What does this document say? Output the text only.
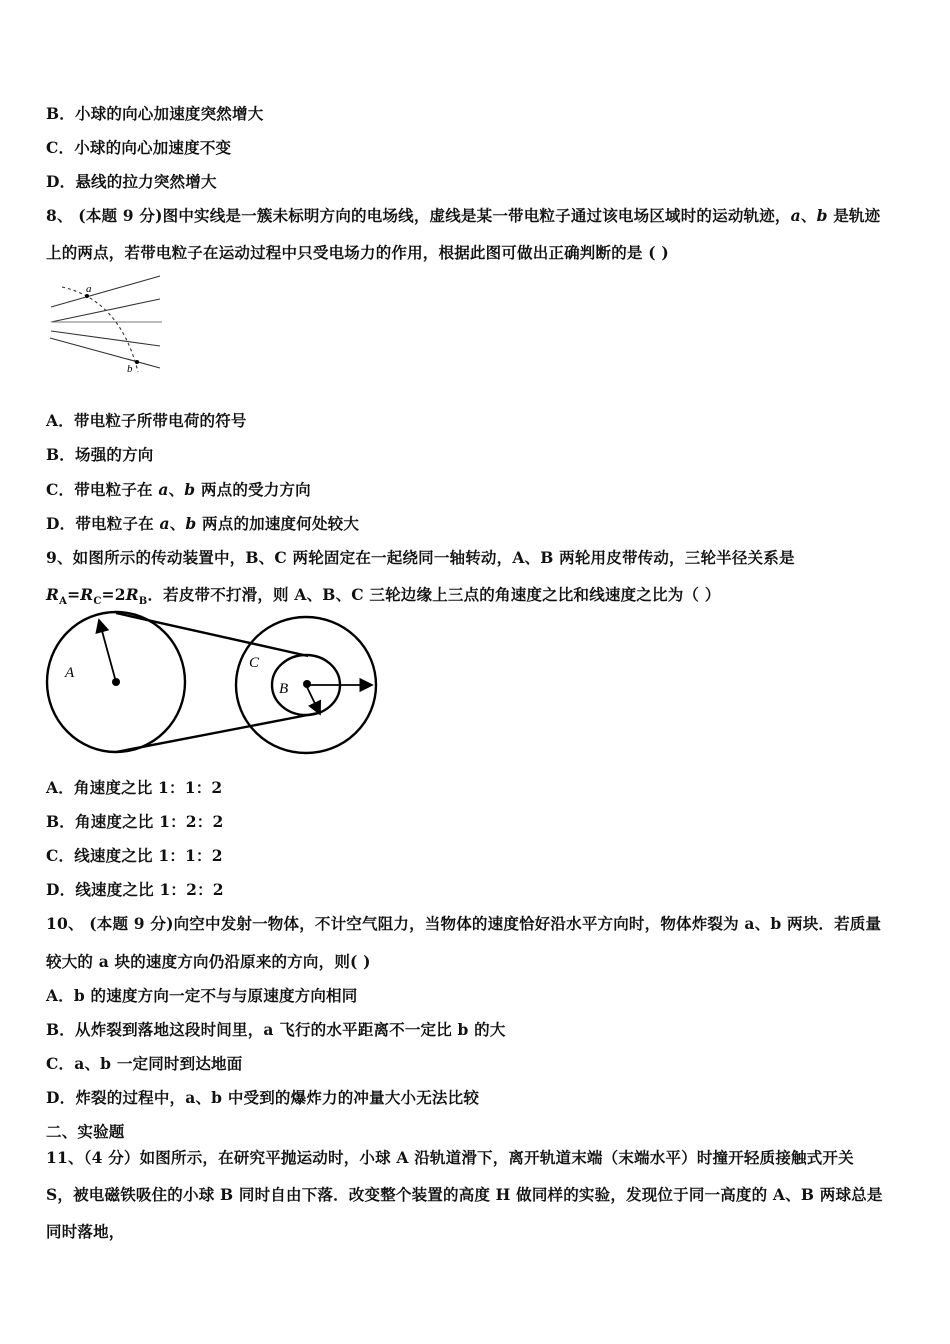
B．小球的向心加速度突然增大
C．小球的向心加速度不变
D．悬线的拉力突然增大
8、 (本题 9 分)图中实线是一簇未标明方向的电场线，虚线是某一带电粒子通过该电场区域时的运动轨迹，a、b 是轨迹
上的两点，若带电粒子在运动过程中只受电场力的作用，根据此图可做出正确判断的是 ( )
A．带电粒子所带电荷的符号
B．场强的方向
C．带电粒子在 a、b 两点的受力方向
D．带电粒子在 a、b 两点的加速度何处较大
9、如图所示的传动装置中，B、C 两轮固定在一起绕同一轴转动，A、B 两轮用皮带传动，三轮半径关系是
$R_A=R_C=2R_B$．若皮带不打滑，则 A、B、C 三轮边缘上三点的角速度之比和线速度之比为（ ）
A．角速度之比 1：1：2
B．角速度之比 1：2：2
C．线速度之比 1：1：2
D．线速度之比 1：2：2
10、 (本题 9 分)向空中发射一物体，不计空气阻力，当物体的速度恰好沿水平方向时，物体炸裂为 a、b 两块．若质量
较大的 a 块的速度方向仍沿原来的方向，则( )
A．b 的速度方向一定不与与原速度方向相同
B．从炸裂到落地这段时间里，a 飞行的水平距离不一定比 b 的大
C．a、b 一定同时到达地面
D．炸裂的过程中，a、b 中受到的爆炸力的冲量大小无法比较
二、实验题
11、（4 分）如图所示，在研究平抛运动时，小球 A 沿轨道滑下，离开轨道末端（末端水平）时撞开轻质接触式开关
S，被电磁铁吸住的小球 B 同时自由下落．改变整个装置的高度 H 做同样的实验，发现位于同一高度的 A、B 两球总是
同时落地，
a
b
A
C
B
